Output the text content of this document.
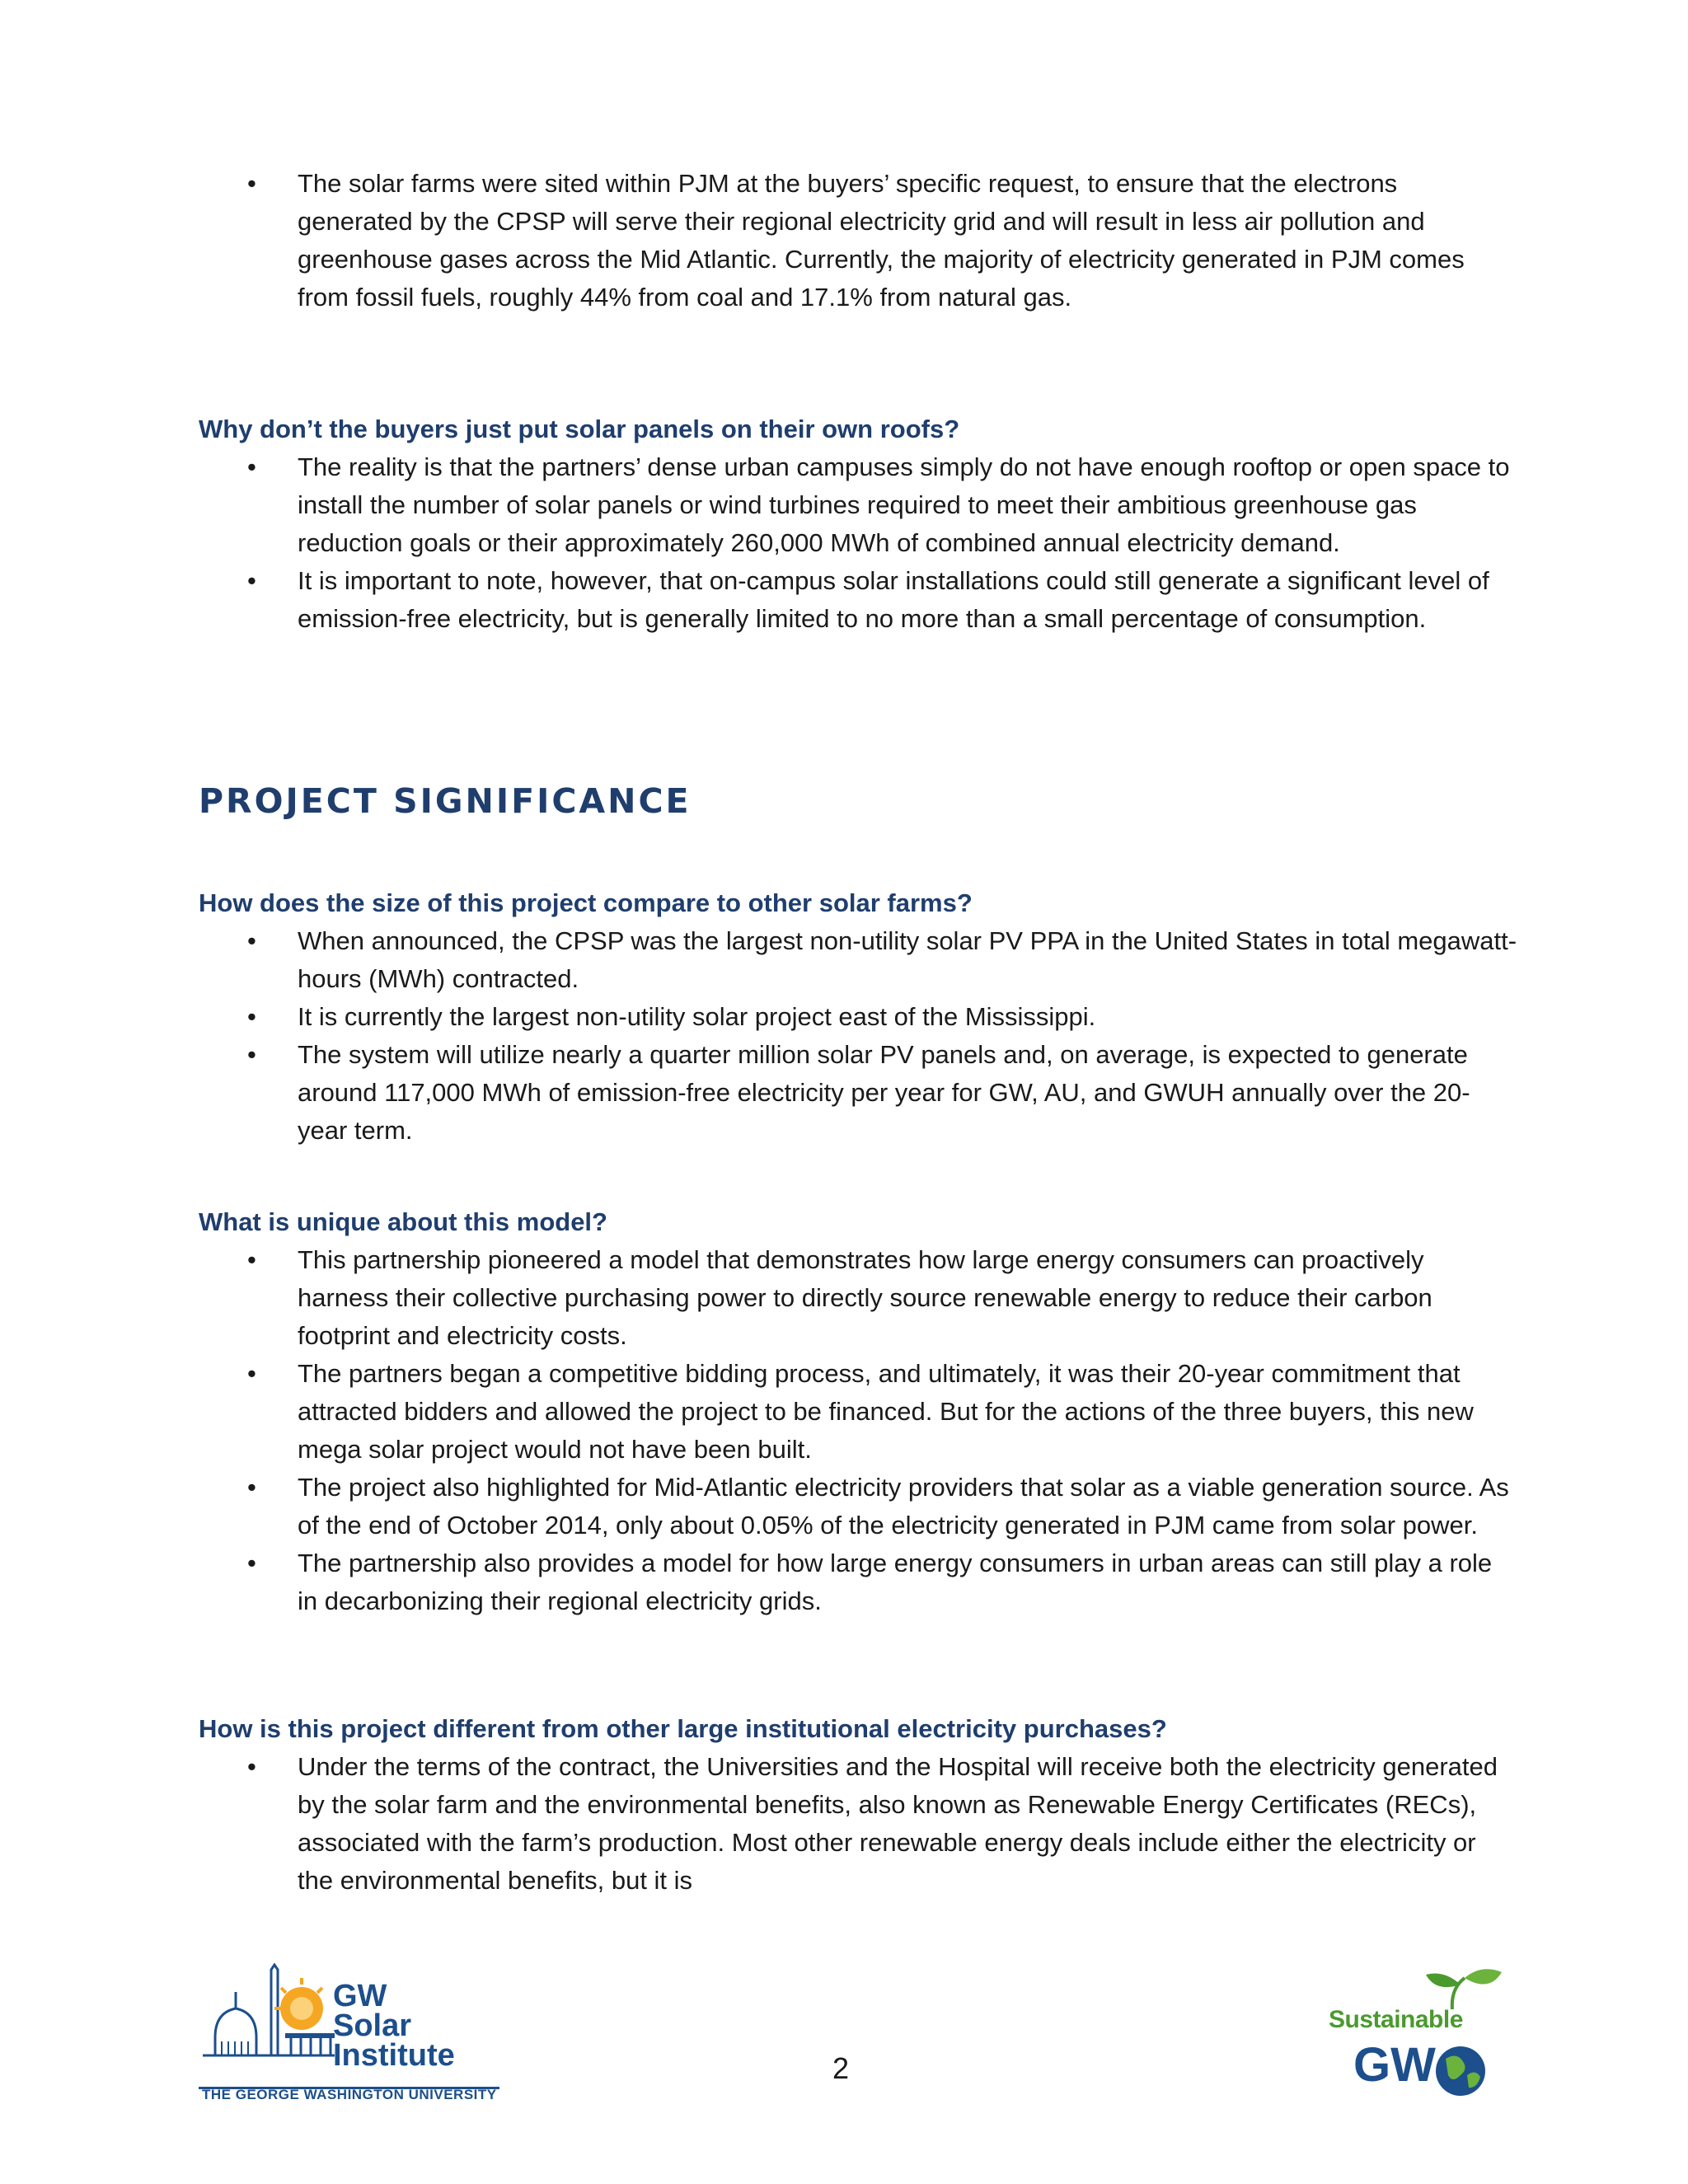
• The solar farms were sited within PJM at the buyers’ specific request, to ensure that the electrons generated by the CPSP will serve their regional electricity grid and will result in less air pollution and greenhouse gases across the Mid Atlantic. Currently, the majority of electricity generated in PJM comes from fossil fuels, roughly 44% from coal and 17.1% from natural gas.
Why don’t the buyers just put solar panels on their own roofs?
• The reality is that the partners’ dense urban campuses simply do not have enough rooftop or open space to install the number of solar panels or wind turbines required to meet their ambitious greenhouse gas reduction goals or their approximately 260,000 MWh of combined annual electricity demand.
• It is important to note, however, that on-campus solar installations could still generate a significant level of emission-free electricity, but is generally limited to no more than a small percentage of consumption.
PROJECT SIGNIFICANCE
How does the size of this project compare to other solar farms?
• When announced, the CPSP was the largest non-utility solar PV PPA in the United States in total megawatt-hours (MWh) contracted.
• It is currently the largest non-utility solar project east of the Mississippi.
• The system will utilize nearly a quarter million solar PV panels and, on average, is expected to generate around 117,000 MWh of emission-free electricity per year for GW, AU, and GWUH annually over the 20-year term.
What is unique about this model?
• This partnership pioneered a model that demonstrates how large energy consumers can proactively harness their collective purchasing power to directly source renewable energy to reduce their carbon footprint and electricity costs.
• The partners began a competitive bidding process, and ultimately, it was their 20-year commitment that attracted bidders and allowed the project to be financed. But for the actions of the three buyers, this new mega solar project would not have been built.
• The project also highlighted for Mid-Atlantic electricity providers that solar as a viable generation source. As of the end of October 2014, only about 0.05% of the electricity generated in PJM came from solar power.
• The partnership also provides a model for how large energy consumers in urban areas can still play a role in decarbonizing their regional electricity grids.
How is this project different from other large institutional electricity purchases?
• Under the terms of the contract, the Universities and the Hospital will receive both the electricity generated by the solar farm and the environmental benefits, also known as Renewable Energy Certificates (RECs), associated with the farm’s production. Most other renewable energy deals include either the electricity or the environmental benefits, but it is
GW
Solar
Institute
THE GEORGE WASHINGTON UNIVERSITY
2
Sustainable
GW
